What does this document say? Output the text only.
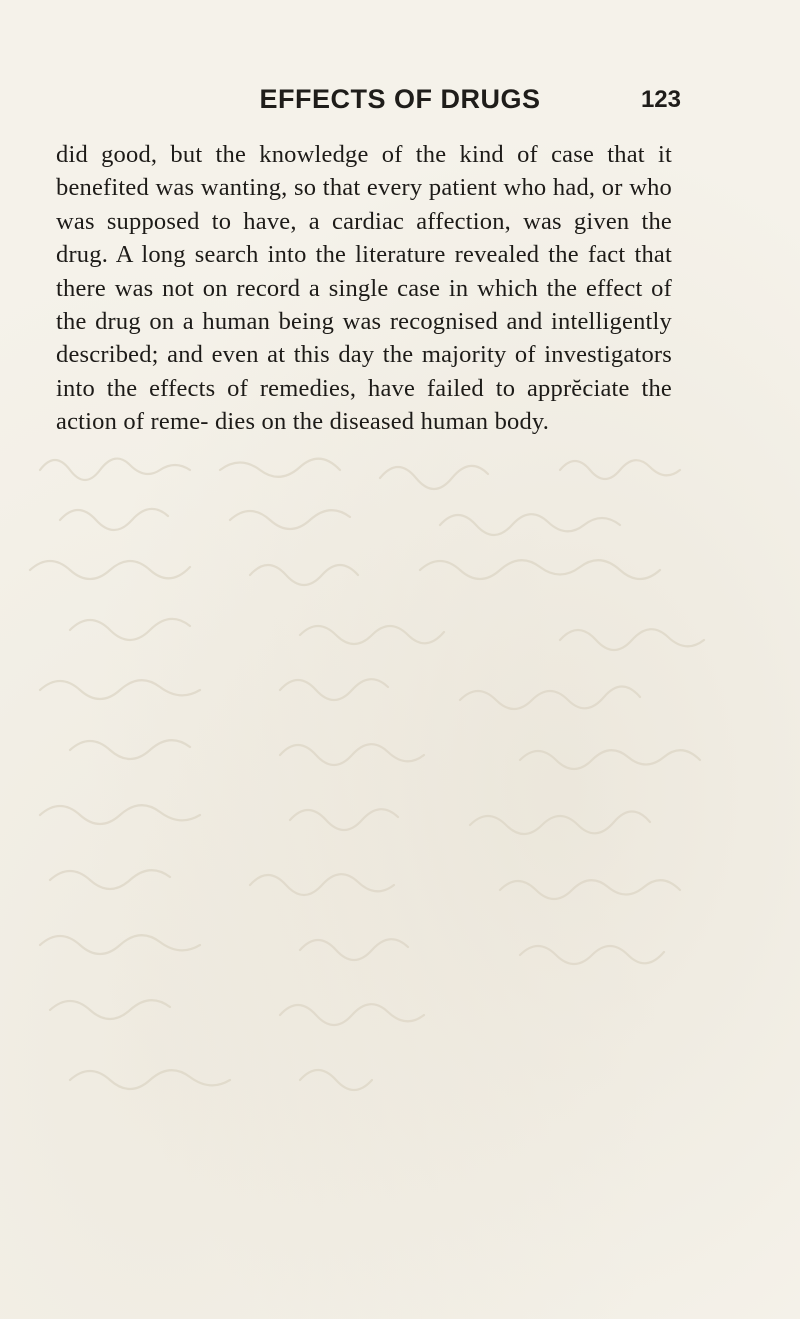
EFFECTS OF DRUGS	123

did good, but the knowledge of the kind of case that it benefited was wanting, so that every patient who had, or who was supposed to have, a cardiac affection, was given the drug. A long search into the literature revealed the fact that there was not on record a single case in which the effect of the drug on a human being was recognised and intelligently described; and even at this day the majority of investigators into the effects of remedies, have failed to apprĕciate the action of reme- dies on the diseased human body.
